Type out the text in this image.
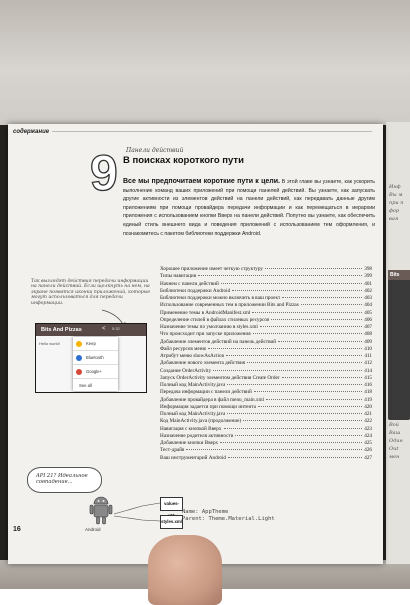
Инф
Вы м
при п
фор
вая
Bits
Вой
Ваш
Один
Out
мен
содержание
9 Панели действий
В поисках короткого пути
Все мы предпочитаем короткие пути к цели. В этой главе вы узнаете, как ускорить выполнение команд ваших приложений при помощи панелей действий. Вы узнаете, как запускать другие активности из элементов действий на панели действий, как передавать данные другим приложениям при помощи провайдера передачи информации и как перемещаться в иерархии приложения с использованием кнопки Вверх на панели действий. Попутно вы узнаете, как обеспечить единый стиль внешнего вида и поведения приложений с использованием тем оформления, и познакомитесь с пакетом библиотеки поддержки Android.
Хорошее приложение имеет четкую структуру	398
Типы навигации	399
Начнем с панели действий	401
Библиотеки поддержки Android	402
Библиотеки поддержки можно включить в ваш проект	403
Использование современных тем в приложении Bits and Pizzas	404
Применение темы в AndroidManifest.xml	405
Определение стилей в файлах стилевых ресурсов	406
Назначение темы по умолчанию в styles.xml	407
Что происходит при запуске приложения	408
Добавление элементов действий на панель действий	409
Файл ресурсов меню	410
Атрибут меню showAsAction	411
Добавление нового элемента действия	412
Создание OrderActivity	414
Запуск OrderActivity элементом действия Create Order	415
Полный код MainActivity.java	416
Передача информации с панели действий	418
Добавление провайдера в файл menu_main.xml	419
Информация задается при помощи интента	420
Полный код MainActivity.java	421
Код MainActivity.java (продолжение)	422
Навигация с кнопкой Вверх	423
Назначение родителя активности	424
Добавление кнопки Вверх	425
Тест-драйв	426
Ваш инструментарий Android	427
Так выглядят действия передачи информации на панели действий. Если щелкнуть на нем, на экране появятся иконки приложений, которые могут использоваться для передачи информации.
Bits And Pizzas	< 5:32
Hello world!	Keep
Bluetooth
Google+
See all
API 21? Идеальное совпадение...
Android
values-
styles.xml
Name: AppTheme
Parent: Theme.Material.Light
16
